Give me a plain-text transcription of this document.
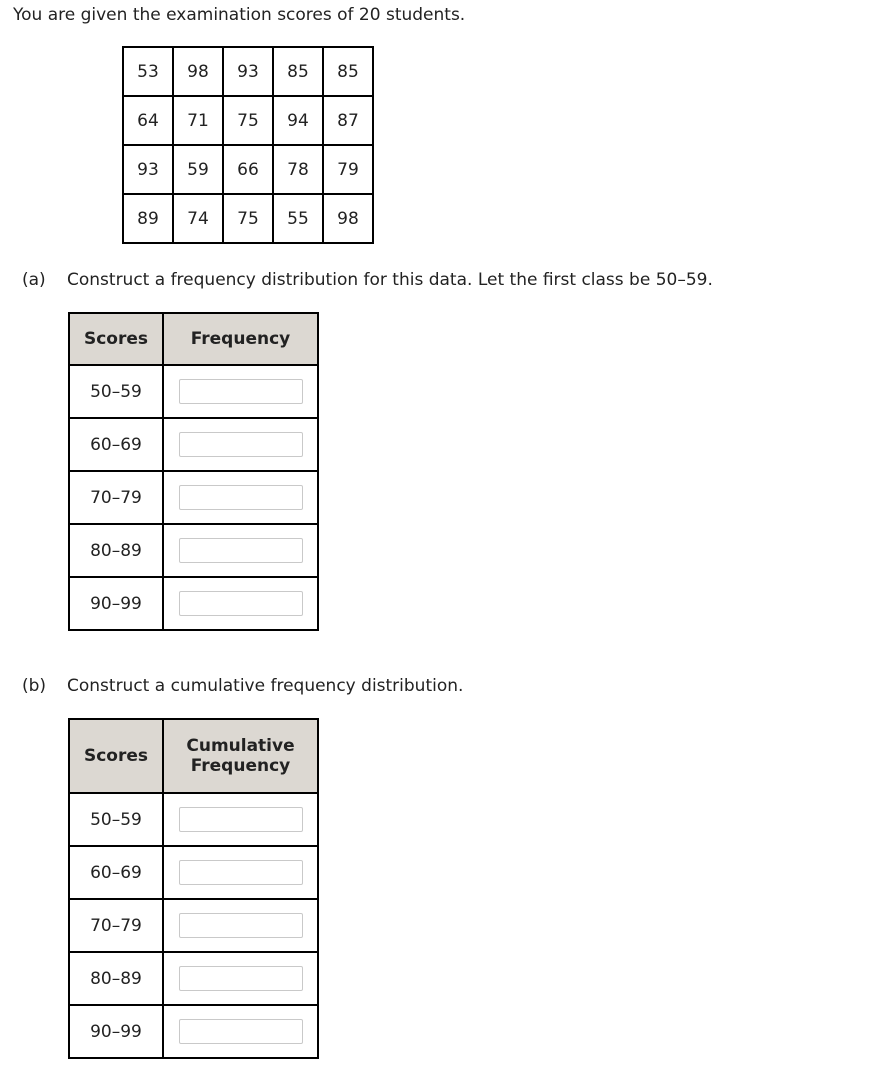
You are given the examination scores of 20 students.
53	98	93	85	85
64	71	75	94	87
93	59	66	78	79
89	74	75	55	98
(a) Construct a frequency distribution for this data. Let the first class be 50–59.
Scores	Frequency
50–59	
60–69	
70–79	
80–89	
90–99	
(b) Construct a cumulative frequency distribution.
Scores	Cumulative
Frequency

50–59	
60–69	
70–79	
80–89	
90–99	
